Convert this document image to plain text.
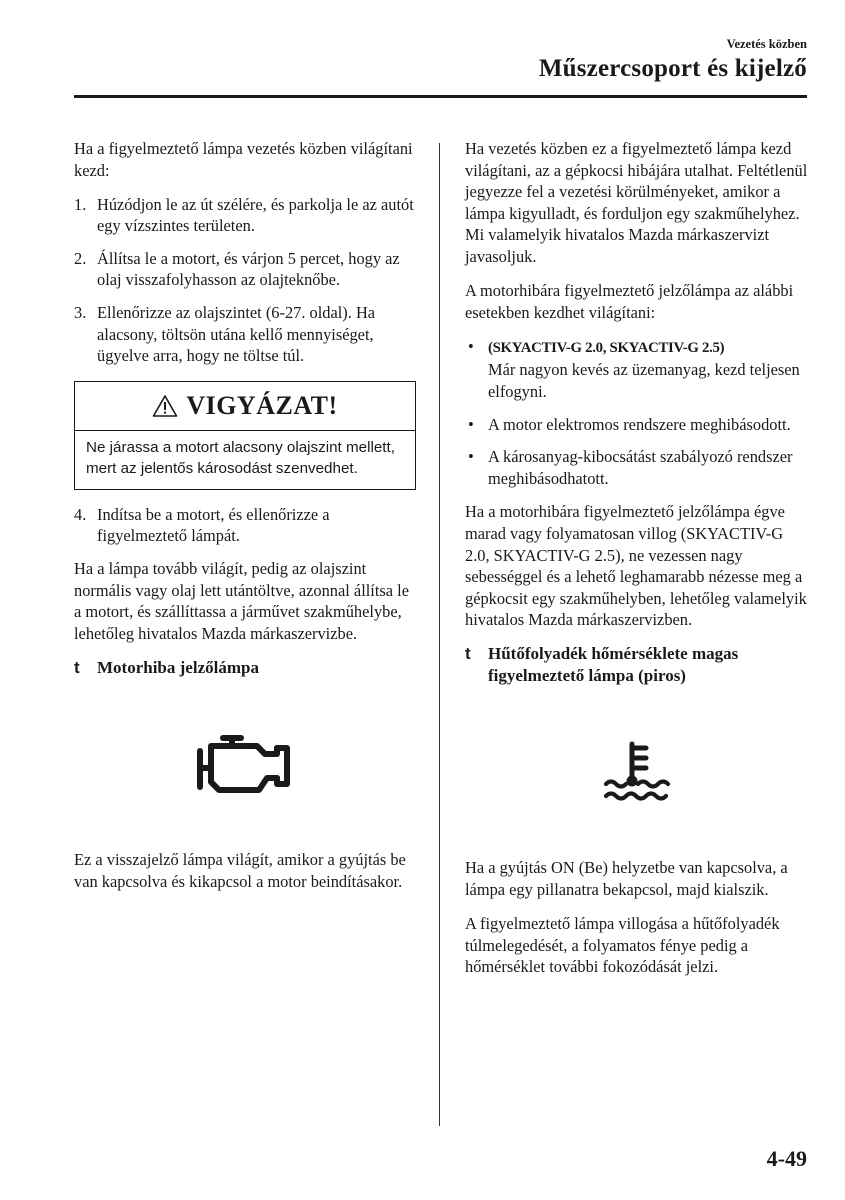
Vezetés közben
Műszercsoport és kijelző

Ha a figyelmeztető lámpa vezetés közben világítani kezd:

1. Húzódjon le az út szélére, és parkolja le az autót egy vízszintes területen.
2. Állítsa le a motort, és várjon 5 percet, hogy az olaj visszafolyhasson az olajteknőbe.
3. Ellenőrizze az olajszintet (6-27. oldal). Ha alacsony, töltsön utána kellő mennyiséget, ügyelve arra, hogy ne töltse túl.
VIGYÁZAT!
Ne járassa a motort alacsony olajszint mellett, mert az jelentős károsodást szenvedhet.
4. Indítsa be a motort, és ellenőrizze a figyelmeztető lámpát.

Ha a lámpa tovább világít, pedig az olajszint normális vagy olaj lett utántöltve, azonnal állítsa le a motort, és szállíttassa a járművet szakműhelybe, lehetőleg hivatalos Mazda márkaszervizbe.

t Motorhiba jelzőlámpa

Ez a visszajelző lámpa világít, amikor a gyújtás be van kapcsolva és kikapcsol a motor beindításakor.

Ha vezetés közben ez a figyelmeztető lámpa kezd világítani, az a gépkocsi hibájára utalhat. Feltétlenül jegyezze fel a vezetési körülményeket, amikor a lámpa kigyulladt, és forduljon egy szakműhelyhez. Mi valamelyik hivatalos Mazda márkaszervizt javasoljuk.

A motorhibára figyelmeztető jelzőlámpa az alábbi esetekben kezdhet világítani:

• (SKYACTIV-G 2.0, SKYACTIV-G 2.5)
Már nagyon kevés az üzemanyag, kezd teljesen elfogyni.
• A motor elektromos rendszere meghibásodott.
• A károsanyag-kibocsátást szabályozó rendszer meghibásodhatott.

Ha a motorhibára figyelmeztető jelzőlámpa égve marad vagy folyamatosan villog (SKYACTIV-G 2.0, SKYACTIV-G 2.5), ne vezessen nagy sebességgel és a lehető leghamarabb nézesse meg a gépkocsit egy szakműhelyben, lehetőleg valamelyik hivatalos Mazda márkaszervizben.

t Hűtőfolyadék hőmérséklete magas figyelmeztető lámpa (piros)

Ha a gyújtás ON (Be) helyzetbe van kapcsolva, a lámpa egy pillanatra bekapcsol, majd kialszik.

A figyelmeztető lámpa villogása a hűtőfolyadék túlmelegedését, a folyamatos fénye pedig a hőmérséklet további fokozódását jelzi.

4-49
